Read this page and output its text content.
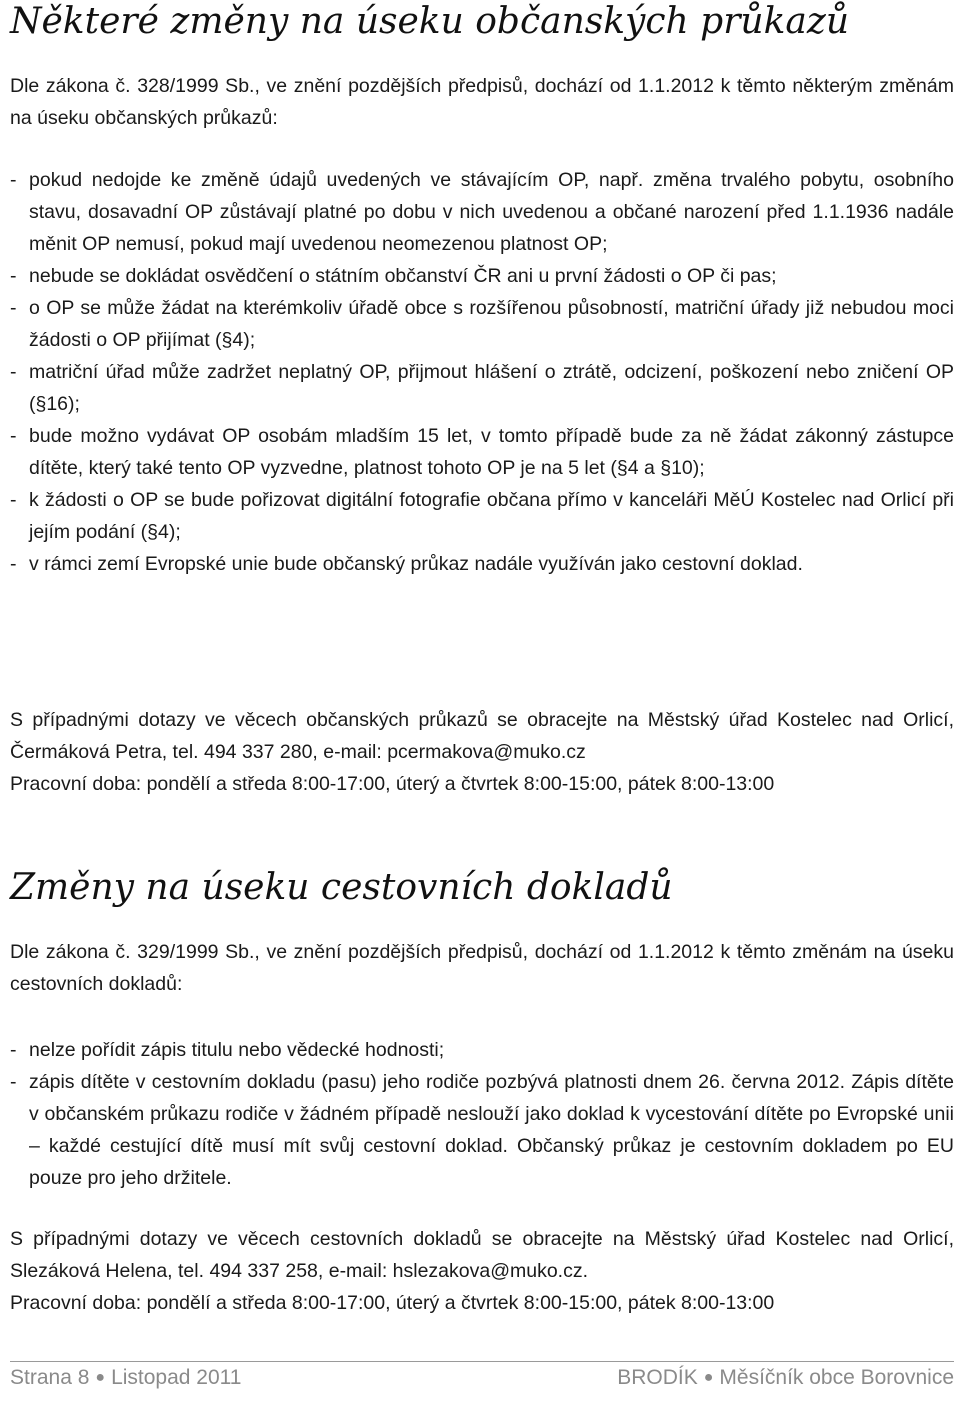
Některé změny na úseku občanských průkazů

Dle zákona č. 328/1999 Sb., ve znění pozdějších předpisů, dochází od 1.1.2012 k těmto některým změnám na úseku občanských průkazů:

- pokud nedojde ke změně údajů uvedených ve stávajícím OP, např. změna trvalého pobytu, osobního stavu, dosavadní OP zůstávají platné po dobu v nich uvedenou a občané narození před 1.1.1936 nadále měnit OP nemusí, pokud mají uvedenou neomezenou platnost OP;
- nebude se dokládat osvědčení o státním občanství ČR ani u první žádosti o OP či pas;
- o OP se může žádat na kterémkoliv úřadě obce s rozšířenou působností, matriční úřady již nebudou moci žádosti o OP přijímat (§4);
- matriční úřad může zadržet neplatný OP, přijmout hlášení o ztrátě, odcizení, poškození nebo zničení OP (§16);
- bude možno vydávat OP osobám mladším 15 let, v tomto případě bude za ně žádat zákonný zástupce dítěte, který také tento OP vyzvedne, platnost tohoto OP je na 5 let (§4 a §10);
- k žádosti o OP se bude pořizovat digitální fotografie občana přímo v kanceláři MěÚ Kostelec nad Orlicí při jejím podání (§4);
- v rámci zemí Evropské unie bude občanský průkaz nadále využíván jako cestovní doklad.

S případnými dotazy ve věcech občanských průkazů se obracejte na Městský úřad Kostelec nad Orlicí, Čermáková Petra, tel. 494 337 280, e-mail: pcermakova@muko.cz

Pracovní doba: pondělí a středa 8:00-17:00, úterý a čtvrtek 8:00-15:00, pátek 8:00-13:00
Změny na úseku cestovních dokladů

Dle zákona č. 329/1999 Sb., ve znění pozdějších předpisů, dochází od 1.1.2012 k těmto změnám na úseku cestovních dokladů:

- nelze pořídit zápis titulu nebo vědecké hodnosti;
- zápis dítěte v cestovním dokladu (pasu) jeho rodiče pozbývá platnosti dnem 26. června 2012. Zápis dítěte v občanském průkazu rodiče v žádném případě neslouží jako doklad k vycestování dítěte po Evropské unii – každé cestující dítě musí mít svůj cestovní doklad. Občanský průkaz je cestovním dokladem po EU pouze pro jeho držitele.

S případnými dotazy ve věcech cestovních dokladů se obracejte na Městský úřad Kostelec nad Orlicí, Slezáková Helena, tel. 494 337 258, e-mail: hslezakova@muko.cz.

Pracovní doba: pondělí a středa 8:00-17:00, úterý a čtvrtek 8:00-15:00, pátek 8:00-13:00
Strana 8 ● Listopad 2011	BRODÍK ● Měsíčník obce Borovnice
